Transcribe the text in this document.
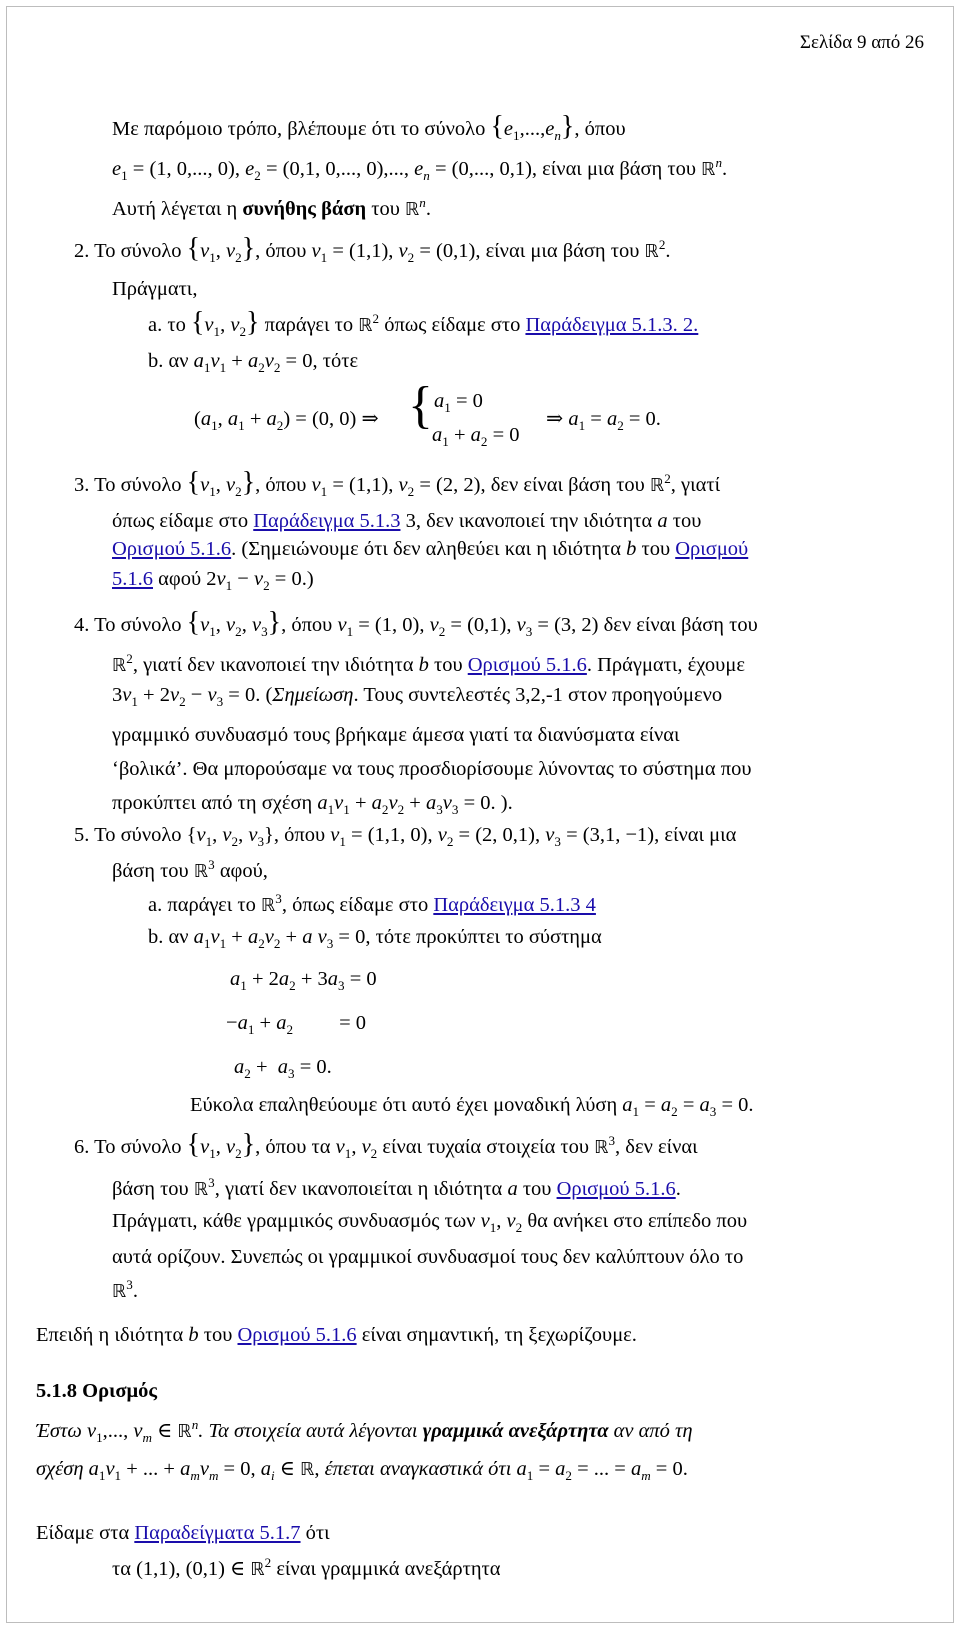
Σελίδα 9 από 26
Με παρόμοιο τρόπο, βλέπουμε ότι το σύνολο $\{e_1,...,e_n\}$, όπου
$e_1 = (1$, 0,..., 0), $e_2 = (0,1$, 0,..., 0),..., $e_n = (0$,..., 0,1), είναι μια βάση του ℝ$^n$.
Αυτή λέγεται η συνήθης βάση του ℝ$^n$.
2. Το σύνολο {$v_1$, $v_2$}, όπου $v_1 = (1,1)$, $v_2 = (0,1)$, είναι μια βάση του ℝ$^2$.
Πράγματι,
a. το {$v_1$, $v_2$} παράγει το ℝ$^2$ όπως είδαμε στο Παράδειγμα 5.1.3. 2.
b. αν $a_1v_1 + a_2v_2 = 0$, τότε
($a_1$, $a_1 + a_2) = (0$, 0) ⇒ { $a_1 = 0$
$a_1 + a_2 = 0$
⇒ $a_1 = a_2 = 0$.
3. Το σύνολο {$v_1$, $v_2$}, όπου $v_1 = (1,1)$, $v_2 = (2$, 2), δεν είναι βάση του ℝ$^2$, γιατί
όπως είδαμε στο Παράδειγμα 5.1.3 3, δεν ικανοποιεί την ιδιότητα a του
Ορισμού 5.1.6. (Σημειώνουμε ότι δεν αληθεύει και η ιδιότητα b του Ορισμού
5.1.6 αφού $2v_1 - v_2 = 0$.)
4. Το σύνολο {$v_1$, $v_2$, $v_3$}, όπου $v_1 = (1$, 0), $v_2 = (0,1)$, $v_3 = (3$, 2) δεν είναι βάση του
ℝ$^2$, γιατί δεν ικανοποιεί την ιδιότητα b του Ορισμού 5.1.6. Πράγματι, έχουμε
$3v_1 + 2v_2 - v_3 = 0$. (Σημείωση. Τους συντελεστές 3,2,-1 στον προηγούμενο
γραμμικό συνδυασμό τους βρήκαμε άμεσα γιατί τα διανύσματα είναι
‘βολικά’. Θα μπορούσαμε να τους προσδιορίσουμε λύνοντας το σύστημα που
προκύπτει από τη σχέση $a_1v_1 + a_2v_2 + a_3v_3 = 0$. ).
5. Το σύνολο {$v_1$, $v_2$, $v_3$}, όπου $v_1 = (1,1$, 0), $v_2 = (2$, 0,1), $v_3 = (3,1$, −1), είναι μια
βάση του ℝ$^3$ αφού,
a. παράγει το ℝ$^3$, όπως είδαμε στο Παράδειγμα 5.1.3 4
b. αν $a_1v_1 + a_2v_2 + a$ $v_3 = 0$, τότε προκύπτει το σύστημα
$a_1 + 2a_2 + 3a_3 = 0$
$-a_1 + a_2$         = 0
$a_2 + a_3 = 0$.
Εύκολα επαληθεύουμε ότι αυτό έχει μοναδική λύση $a_1 = a_2 = a_3 = 0$.
6. Το σύνολο {$v_1$, $v_2$}, όπου τα $v_1$, $v_2$ είναι τυχαία στοιχεία του ℝ$^3$, δεν είναι
βάση του ℝ$^3$, γιατί δεν ικανοποιείται η ιδιότητα a του Ορισμού 5.1.6.
Πράγματι, κάθε γραμμικός συνδυασμός των $v_1$, $v_2$ θα ανήκει στο επίπεδο που
αυτά ορίζουν. Συνεπώς οι γραμμικοί συνδυασμοί τους δεν καλύπτουν όλο το
ℝ$^3$.
Επειδή η ιδιότητα b του Ορισμού 5.1.6 είναι σημαντική, τη ξεχωρίζουμε.
5.1.8 Ορισμός
Έστω $v_1$,..., $v_m$ ∈ ℝ$^n$. Τα στοιχεία αυτά λέγονται γραμμικά ανεξάρτητα αν από τη
σχέση $a_1v_1$ + ... + $a_mv_m = 0$, $a_i$ ∈ ℝ, έπεται αναγκαστικά ότι $a_1 = a_2$ = ... = $a_m = 0$.
Είδαμε στα Παραδείγματα 5.1.7 ότι
τα (1,1), (0,1) ∈ ℝ$^2$ είναι γραμμικά ανεξάρτητα
